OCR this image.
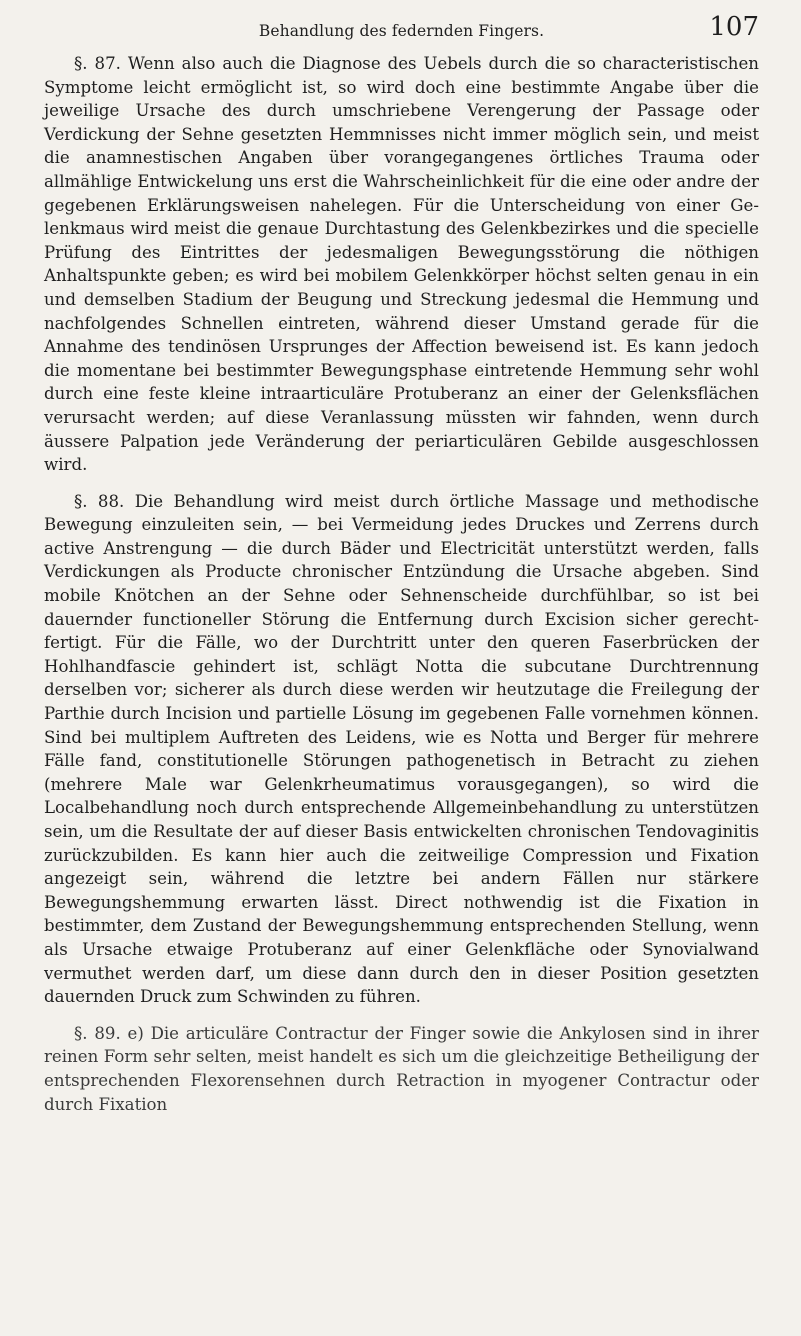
Behandlung des federnden Fingers.	107

§. 87. Wenn also auch die Diagnose des Uebels durch die so characteristischen Symptome leicht ermöglicht ist, so wird doch eine bestimmte Angabe über die jeweilige Ursache des durch umschriebene Verengerung der Passage oder Verdickung der Sehne gesetzten Hemmnisses nicht immer möglich sein, und meist die anamnestischen Angaben über vorangegangenes örtliches Trauma oder allmählige Entwickelung uns erst die Wahrscheinlichkeit für die eine oder andre der gegebenen Erklärungsweisen nahelegen. Für die Unterscheidung von einer Gelenkmaus wird meist die genaue Durchtastung des Gelenkbezirkes und die specielle Prüfung des Eintrittes der jedesmaligen Bewegungsstörung die nöthigen Anhaltspunkte geben; es wird bei mobilem Gelenkkörper höchst selten genau in ein und demselben Stadium der Beugung und Streckung jedesmal die Hemmung und nachfolgendes Schnellen eintreten, während dieser Umstand gerade für die Annahme des tendinösen Ursprunges der Affection beweisend ist. Es kann jedoch die momentane bei bestimmter Bewegungsphase eintretende Hemmung sehr wohl durch eine feste kleine intraarticuläre Protuberanz an einer der Gelenksflächen verursacht werden; auf diese Veranlassung müssten wir fahnden, wenn durch äussere Palpation jede Veränderung der periarticulären Gebilde ausgeschlossen wird.

§. 88. Die Behandlung wird meist durch örtliche Massage und methodische Bewegung einzuleiten sein, — bei Vermeidung jedes Druckes und Zerrens durch active Anstrengung — die durch Bäder und Electricität unterstützt werden, falls Verdickungen als Producte chronischer Entzündung die Ursache abgeben. Sind mobile Knötchen an der Sehne oder Sehnenscheide durchfühlbar, so ist bei dauernder functioneller Störung die Entfernung durch Excision sicher gerechtfertigt. Für die Fälle, wo der Durchtritt unter den queren Faserbrücken der Hohlhandfascie gehindert ist, schlägt Notta die subcutane Durchtrennung derselben vor; sicherer als durch diese werden wir heutzutage die Freilegung der Parthie durch Incision und partielle Lösung im gegebenen Falle vornehmen können. Sind bei multiplem Auftreten des Leidens, wie es Notta und Berger für mehrere Fälle fand, constitutionelle Störungen pathogenetisch in Betracht zu ziehen (mehrere Male war Gelenkrheumatimus vorausgegangen), so wird die Localbehandlung noch durch entsprechende Allgemeinbehandlung zu unterstützen sein, um die Resultate der auf dieser Basis entwickelten chronischen Tendovaginitis zurückzubilden. Es kann hier auch die zeitweilige Compression und Fixation angezeigt sein, während die letztre bei andern Fällen nur stärkere Bewegungshemmung erwarten lässt. Direct nothwendig ist die Fixation in bestimmter, dem Zustand der Bewegungshemmung entsprechenden Stellung, wenn als Ursache etwaige Protuberanz auf einer Gelenkfläche oder Synovialwand vermuthet werden darf, um diese dann durch den in dieser Position gesetzten dauernden Druck zum Schwinden zu führen.

§. 89. e) Die articuläre Contractur der Finger sowie die Ankylosen sind in ihrer reinen Form sehr selten, meist handelt es sich um die gleichzeitige Betheiligung der entsprechenden Flexorensehnen durch Retraction in myogener Contractur oder durch Fixation
